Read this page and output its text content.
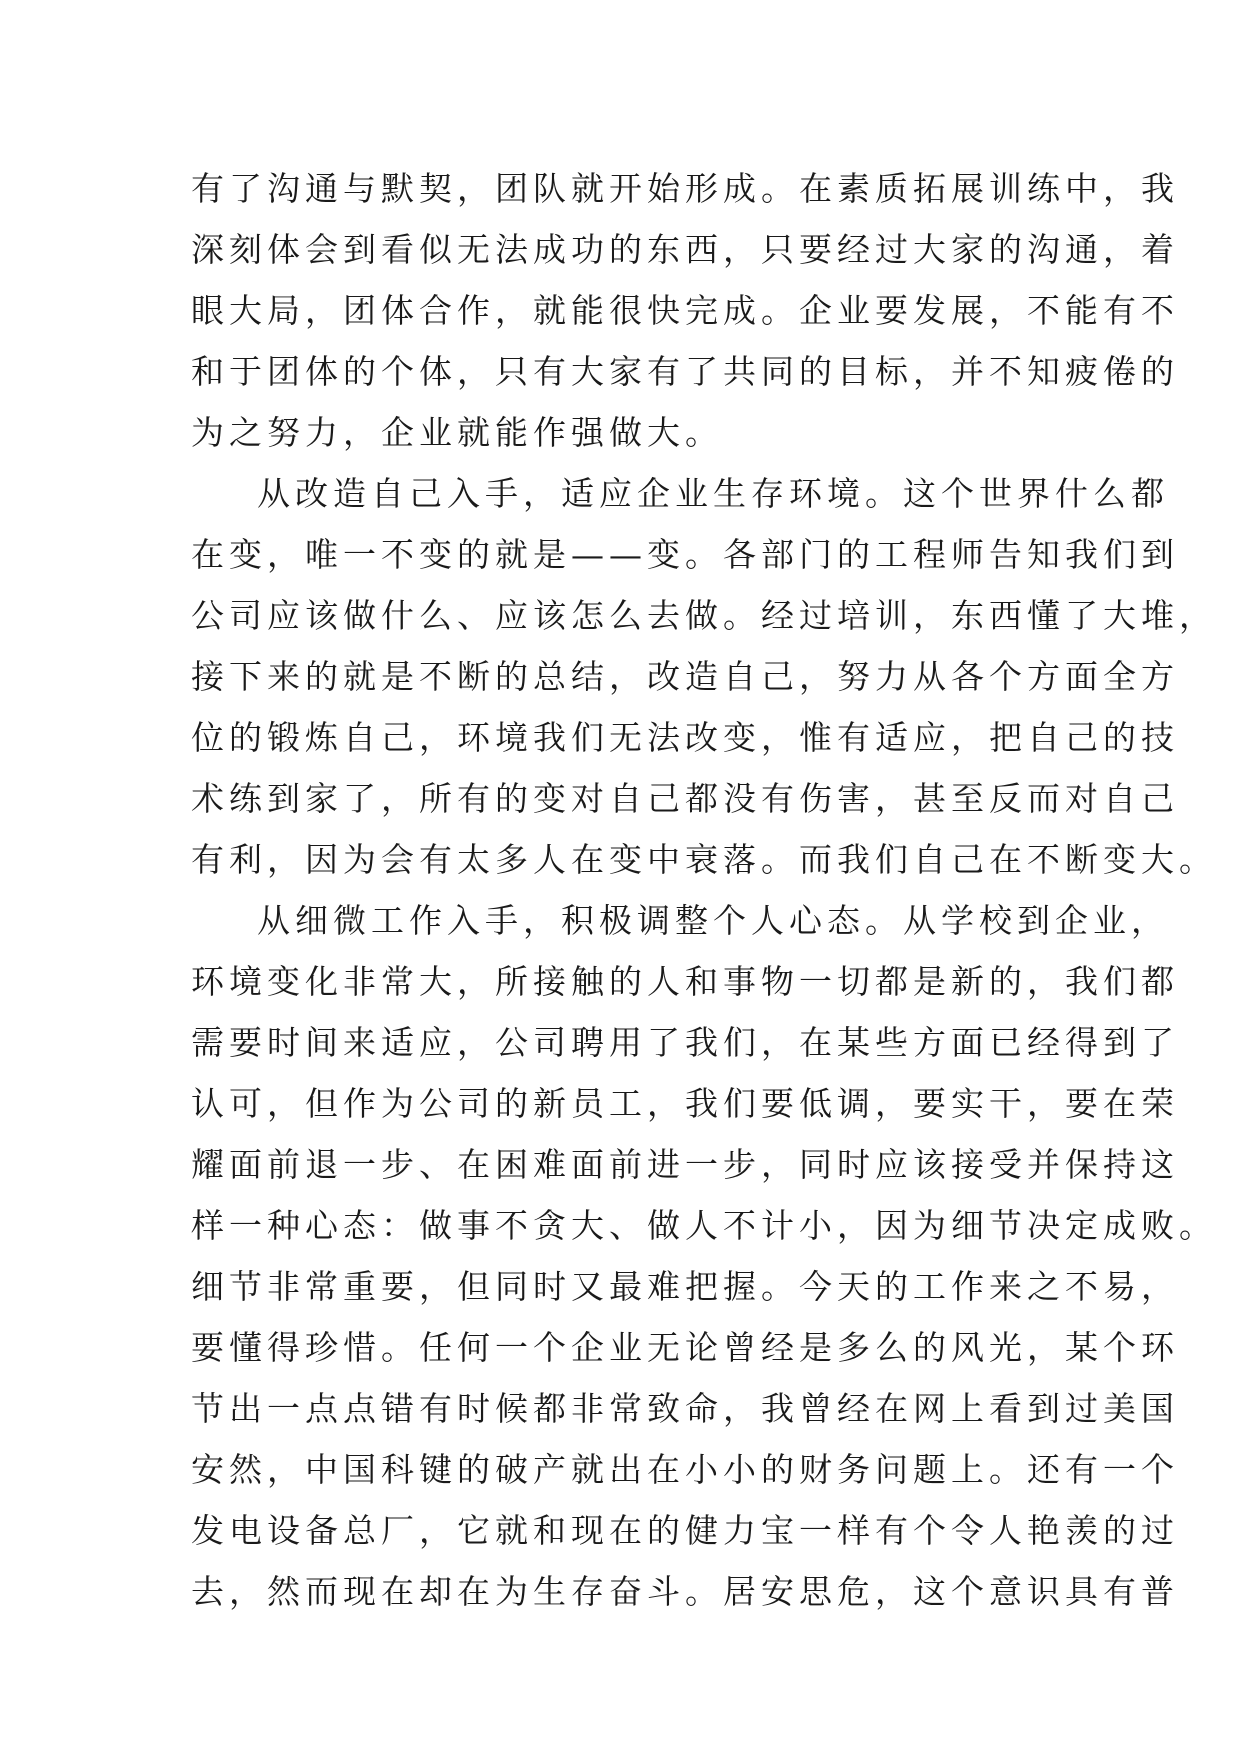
有了沟通与默契，团队就开始形成。在素质拓展训练中，我
深刻体会到看似无法成功的东西，只要经过大家的沟通，着
眼大局，团体合作，就能很快完成。企业要发展，不能有不
和于团体的个体，只有大家有了共同的目标，并不知疲倦的
为之努力，企业就能作强做大。
从改造自己入手，适应企业生存环境。这个世界什么都
在变，唯一不变的就是——变。各部门的工程师告知我们到
公司应该做什么、应该怎么去做。经过培训，东西懂了大堆，
接下来的就是不断的总结，改造自己，努力从各个方面全方
位的锻炼自己，环境我们无法改变，惟有适应，把自己的技
术练到家了，所有的变对自己都没有伤害，甚至反而对自己
有利，因为会有太多人在变中衰落。而我们自己在不断变大。
从细微工作入手，积极调整个人心态。从学校到企业，
环境变化非常大，所接触的人和事物一切都是新的，我们都
需要时间来适应，公司聘用了我们，在某些方面已经得到了
认可，但作为公司的新员工，我们要低调，要实干，要在荣
耀面前退一步、在困难面前进一步，同时应该接受并保持这
样一种心态：做事不贪大、做人不计小，因为细节决定成败。
细节非常重要，但同时又最难把握。今天的工作来之不易，
要懂得珍惜。任何一个企业无论曾经是多么的风光，某个环
节出一点点错有时候都非常致命，我曾经在网上看到过美国
安然，中国科键的破产就出在小小的财务问题上。还有一个
发电设备总厂，它就和现在的健力宝一样有个令人艳羡的过
去，然而现在却在为生存奋斗。居安思危，这个意识具有普
